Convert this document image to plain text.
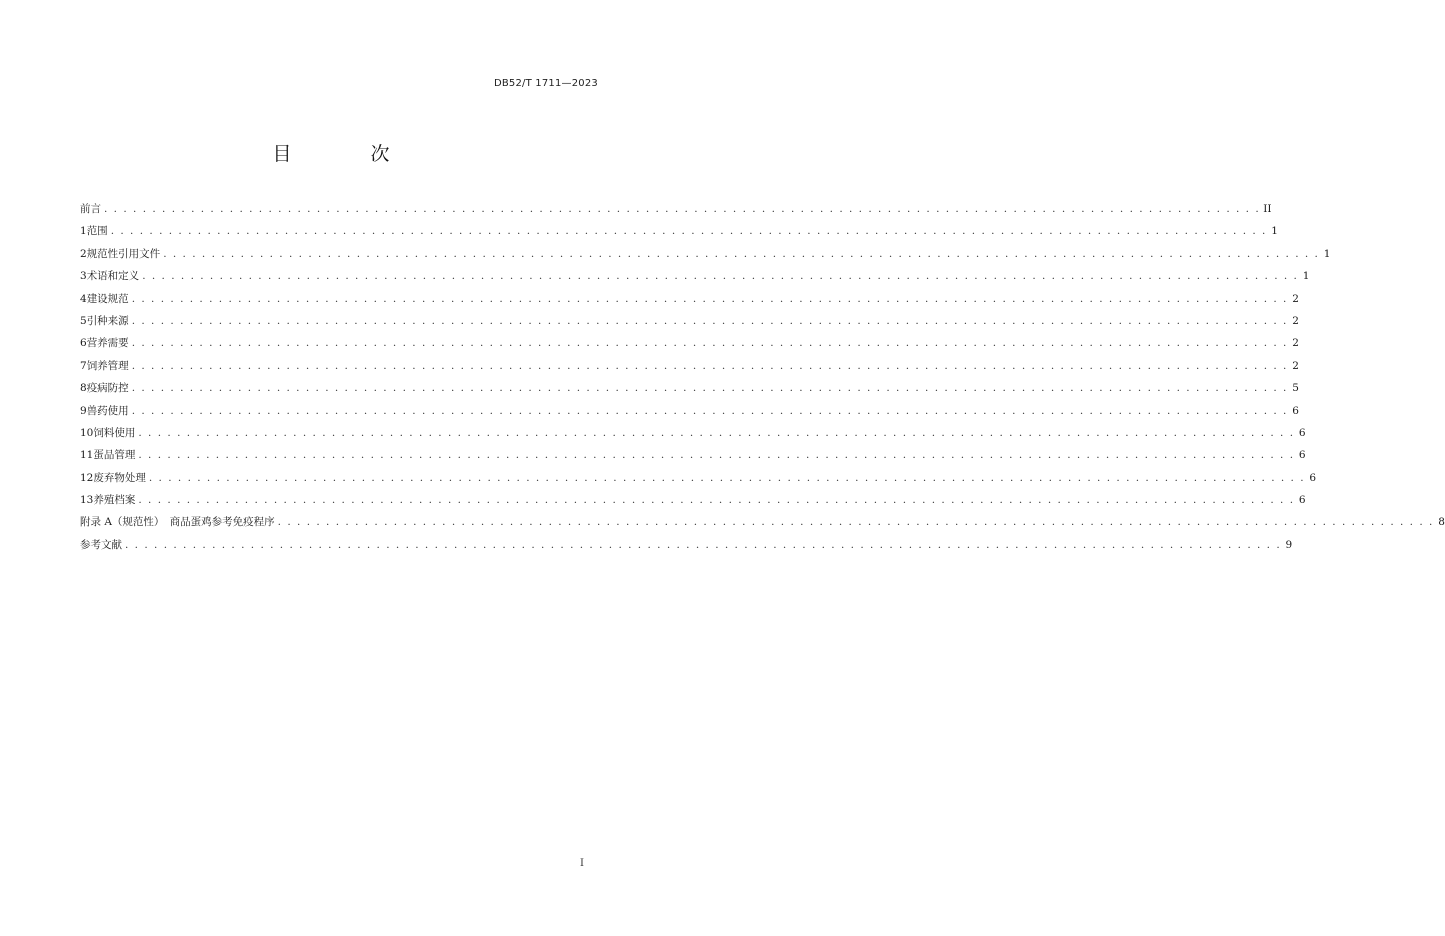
DB52/T 1711—2023
目　次
前言 . . . . . . . . . . . . . . . . . . . . . . . . . . . . . . . . . . . . . . . . . . . . . . . . . . . . . . . . . . . . . . . . . . . . . . . . . . . . . . . . . . . . . . . . . . . . . . . . . . . . . . . . . . . . . . . . . . . . . . . . II
1 范围 . . . . . . . . . . . . . . . . . . . . . . . . . . . . . . . . . . . . . . . . . . . . . . . . . . . . . . . . . . . . . . . . . . . . . . . . . . . . . . . . . . . . . . . . . . . . . . . . . . . . . . . . . . . . . . . . . . . . . . . . 1
2 规范性引用文件 . . . . . . . . . . . . . . . . . . . . . . . . . . . . . . . . . . . . . . . . . . . . . . . . . . . . . . . . . . . . . . . . . . . . . . . . . . . . . . . . . . . . . . . . . . . . . . . . . . . . . . . . . . . . . . . . . . . . . . . . 1
3 术语和定义 . . . . . . . . . . . . . . . . . . . . . . . . . . . . . . . . . . . . . . . . . . . . . . . . . . . . . . . . . . . . . . . . . . . . . . . . . . . . . . . . . . . . . . . . . . . . . . . . . . . . . . . . . . . . . . . . . . . . . . . . 1
4 建设规范 . . . . . . . . . . . . . . . . . . . . . . . . . . . . . . . . . . . . . . . . . . . . . . . . . . . . . . . . . . . . . . . . . . . . . . . . . . . . . . . . . . . . . . . . . . . . . . . . . . . . . . . . . . . . . . . . . . . . . . . . 2
5 引种来源 . . . . . . . . . . . . . . . . . . . . . . . . . . . . . . . . . . . . . . . . . . . . . . . . . . . . . . . . . . . . . . . . . . . . . . . . . . . . . . . . . . . . . . . . . . . . . . . . . . . . . . . . . . . . . . . . . . . . . . . . 2
6 营养需要 . . . . . . . . . . . . . . . . . . . . . . . . . . . . . . . . . . . . . . . . . . . . . . . . . . . . . . . . . . . . . . . . . . . . . . . . . . . . . . . . . . . . . . . . . . . . . . . . . . . . . . . . . . . . . . . . . . . . . . . . 2
7 饲养管理 . . . . . . . . . . . . . . . . . . . . . . . . . . . . . . . . . . . . . . . . . . . . . . . . . . . . . . . . . . . . . . . . . . . . . . . . . . . . . . . . . . . . . . . . . . . . . . . . . . . . . . . . . . . . . . . . . . . . . . . . 2
8 疫病防控 . . . . . . . . . . . . . . . . . . . . . . . . . . . . . . . . . . . . . . . . . . . . . . . . . . . . . . . . . . . . . . . . . . . . . . . . . . . . . . . . . . . . . . . . . . . . . . . . . . . . . . . . . . . . . . . . . . . . . . . . 5
9 兽药使用 . . . . . . . . . . . . . . . . . . . . . . . . . . . . . . . . . . . . . . . . . . . . . . . . . . . . . . . . . . . . . . . . . . . . . . . . . . . . . . . . . . . . . . . . . . . . . . . . . . . . . . . . . . . . . . . . . . . . . . . . 6
10 饲料使用 . . . . . . . . . . . . . . . . . . . . . . . . . . . . . . . . . . . . . . . . . . . . . . . . . . . . . . . . . . . . . . . . . . . . . . . . . . . . . . . . . . . . . . . . . . . . . . . . . . . . . . . . . . . . . . . . . . . . . . . . 6
11 蛋品管理 . . . . . . . . . . . . . . . . . . . . . . . . . . . . . . . . . . . . . . . . . . . . . . . . . . . . . . . . . . . . . . . . . . . . . . . . . . . . . . . . . . . . . . . . . . . . . . . . . . . . . . . . . . . . . . . . . . . . . . . . 6
12 废弃物处理 . . . . . . . . . . . . . . . . . . . . . . . . . . . . . . . . . . . . . . . . . . . . . . . . . . . . . . . . . . . . . . . . . . . . . . . . . . . . . . . . . . . . . . . . . . . . . . . . . . . . . . . . . . . . . . . . . . . . . . . . 6
13 养殖档案 . . . . . . . . . . . . . . . . . . . . . . . . . . . . . . . . . . . . . . . . . . . . . . . . . . . . . . . . . . . . . . . . . . . . . . . . . . . . . . . . . . . . . . . . . . . . . . . . . . . . . . . . . . . . . . . . . . . . . . . . 6
附录 A（规范性）　商品蛋鸡参考免疫程序 . . . . . . . . . . . . . . . . . . . . . . . . . . . . . . . . . . . . . . . . . . . . . . . . . . . . . . . . . . . . . . . . . . . . . . . . . . . . . . . . . . . . . . . . . . . . . . . . . . . . . . . . . . . . . . . . . . . . . . . . 8
参考文献 . . . . . . . . . . . . . . . . . . . . . . . . . . . . . . . . . . . . . . . . . . . . . . . . . . . . . . . . . . . . . . . . . . . . . . . . . . . . . . . . . . . . . . . . . . . . . . . . . . . . . . . . . . . . . . . . . . . . . . . . 9
I
